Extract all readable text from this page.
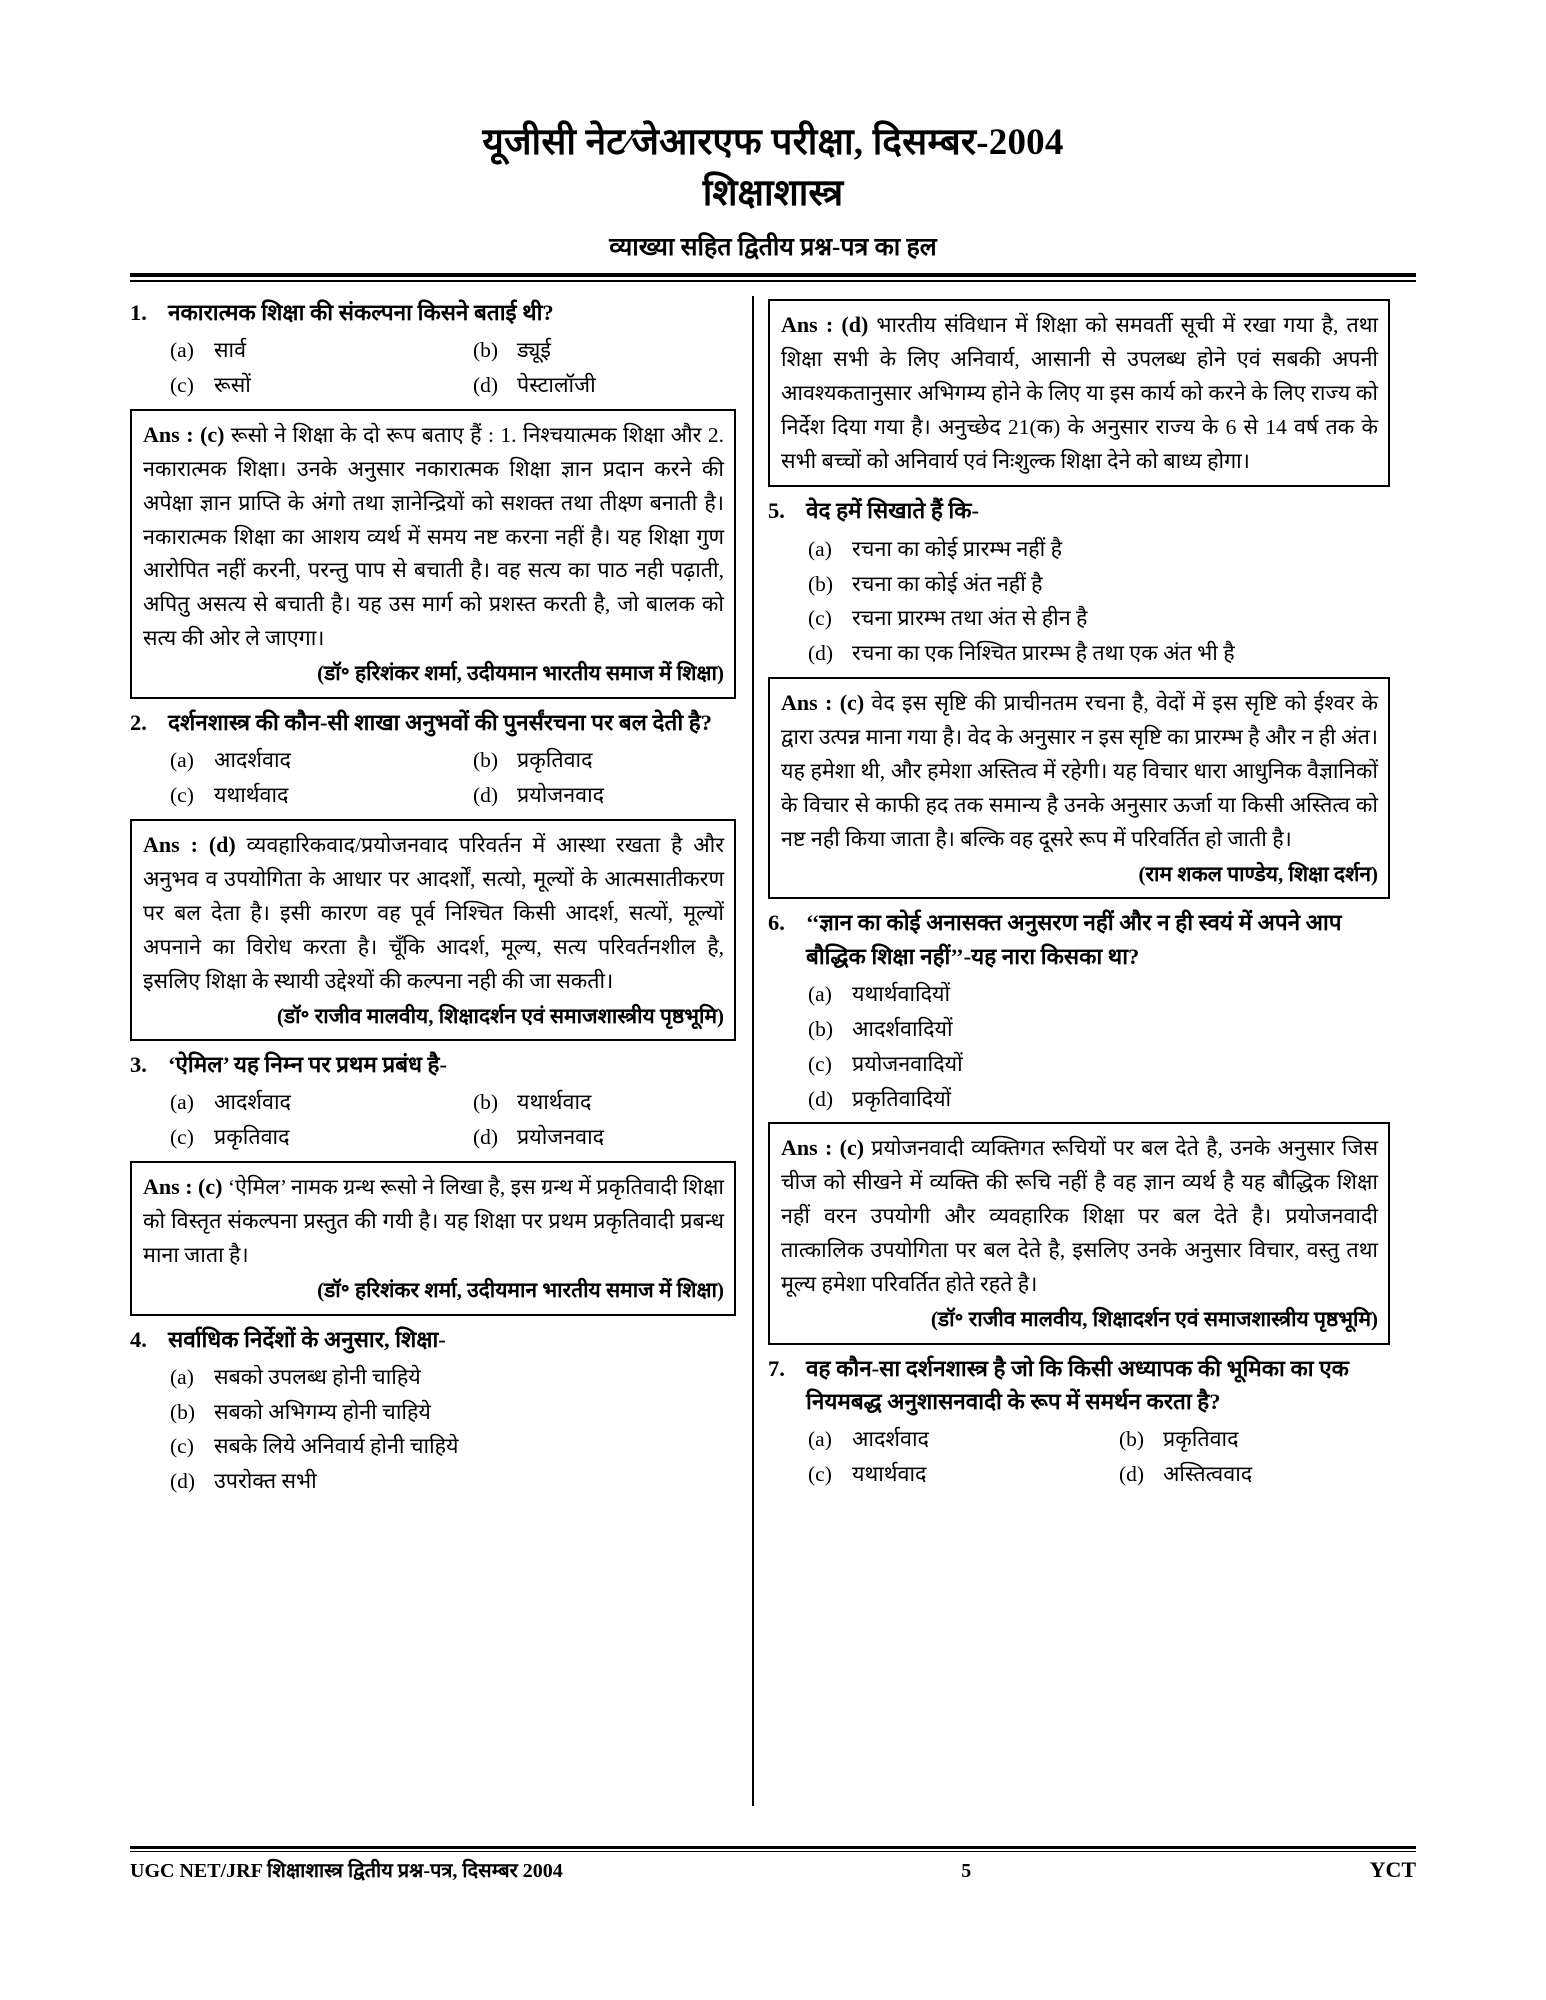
यूजीसी नेट∕जेआरएफ परीक्षा, दिसम्बर-2004
शिक्षाशास्त्र
व्याख्या सहित द्वितीय प्रश्न-पत्र का हल
1. नकारात्मक शिक्षा की संकल्पना किसने बताई थी?
(a) सार्व	(b) ड्यूई
(c) रूसों	(d) पेस्टालॉजी

Ans : (c) रूसो ने शिक्षा के दो रूप बताए हैं : 1. निश्चयात्मक शिक्षा और 2. नकारात्मक शिक्षा। उनके अनुसार नकारात्मक शिक्षा ज्ञान प्रदान करने की अपेक्षा ज्ञान प्राप्ति के अंगो तथा ज्ञानेन्द्रियों को सशक्त तथा तीक्ष्ण बनाती है। नकारात्मक शिक्षा का आशय व्यर्थ में समय नष्ट करना नहीं है। यह शिक्षा गुण आरोपित नहीं करनी, परन्तु पाप से बचाती है। वह सत्य का पाठ नही पढ़ाती, अपितु असत्य से बचाती है। यह उस मार्ग को प्रशस्त करती है, जो बालक को सत्य की ओर ले जाएगा।

(डॉ॰ हरिशंकर शर्मा, उदीयमान भारतीय समाज में शिक्षा)
2. दर्शनशास्त्र की कौन-सी शाखा अनुभवों की पुनर्संरचना पर बल देती है?
(a) आदर्शवाद	(b) प्रकृतिवाद
(c) यथार्थवाद	(d) प्रयोजनवाद

Ans : (d) व्यवहारिकवाद/प्रयोजनवाद परिवर्तन में आस्था रखता है और अनुभव व उपयोगिता के आधार पर आदर्शों, सत्यो, मूल्यों के आत्मसातीकरण पर बल देता है। इसी कारण वह पूर्व निश्चित किसी आदर्श, सत्यों, मूल्यों अपनाने का विरोध करता है। चूँकि आदर्श, मूल्य, सत्य परिवर्तनशील है, इसलिए शिक्षा के स्थायी उद्देश्यों की कल्पना नही की जा सकती।

(डॉ॰ राजीव मालवीय, शिक्षादर्शन एवं समाजशास्त्रीय पृष्ठभूमि)
3. ‘ऐमिल’ यह निम्न पर प्रथम प्रबंध है-
(a) आदर्शवाद	(b) यथार्थवाद
(c) प्रकृतिवाद	(d) प्रयोजनवाद

Ans : (c) ‘ऐमिल’ नामक ग्रन्थ रूसो ने लिखा है, इस ग्रन्थ में प्रकृतिवादी शिक्षा को विस्तृत संकल्पना प्रस्तुत की गयी है। यह शिक्षा पर प्रथम प्रकृतिवादी प्रबन्ध माना जाता है।

(डॉ॰ हरिशंकर शर्मा, उदीयमान भारतीय समाज में शिक्षा)
4. सर्वाधिक निर्देशों के अनुसार, शिक्षा-
(a) सबको उपलब्ध होनी चाहिये
(b) सबको अभिगम्य होनी चाहिये
(c) सबके लिये अनिवार्य होनी चाहिये
(d) उपरोक्त सभी

Ans : (d) भारतीय संविधान में शिक्षा को समवर्ती सूची में रखा गया है, तथा शिक्षा सभी के लिए अनिवार्य, आसानी से उपलब्ध होने एवं सबकी अपनी आवश्यकतानुसार अभिगम्य होने के लिए या इस कार्य को करने के लिए राज्य को निर्देश दिया गया है। अनुच्छेद 21(क) के अनुसार राज्य के 6 से 14 वर्ष तक के सभी बच्चों को अनिवार्य एवं निःशुल्क शिक्षा देने को बाध्य होगा।

5. वेद हमें सिखाते हैं कि-
(a) रचना का कोई प्रारम्भ नहीं है
(b) रचना का कोई अंत नहीं है
(c) रचना प्रारम्भ तथा अंत से हीन है
(d) रचना का एक निश्चित प्रारम्भ है तथा एक अंत भी है

Ans : (c) वेद इस सृष्टि की प्राचीनतम रचना है, वेदों में इस सृष्टि को ईश्वर के द्वारा उत्पन्न माना गया है। वेद के अनुसार न इस सृष्टि का प्रारम्भ है और न ही अंत। यह हमेशा थी, और हमेशा अस्तित्व में रहेगी। यह विचार धारा आधुनिक वैज्ञानिकों के विचार से काफी हद तक समान्य है उनके अनुसार ऊर्जा या किसी अस्तित्व को नष्ट नही किया जाता है। बल्कि वह दूसरे रूप में परिवर्तित हो जाती है।

(राम शकल पाण्डेय, शिक्षा दर्शन)
6. ‘‘ज्ञान का कोई अनासक्त अनुसरण नहीं और न ही स्वयं में अपने आप बौद्धिक शिक्षा नहीं’’-यह नारा किसका था?
(a) यथार्थवादियों
(b) आदर्शवादियों
(c) प्रयोजनवादियों
(d) प्रकृतिवादियों

Ans : (c) प्रयोजनवादी व्यक्तिगत रूचियों पर बल देते है, उनके अनुसार जिस चीज को सीखने में व्यक्ति की रूचि नहीं है वह ज्ञान व्यर्थ है यह बौद्धिक शिक्षा नहीं वरन उपयोगी और व्यवहारिक शिक्षा पर बल देते है। प्रयोजनवादी तात्कालिक उपयोगिता पर बल देते है, इसलिए उनके अनुसार विचार, वस्तु तथा मूल्य हमेशा परिवर्तित होते रहते है।

(डॉ॰ राजीव मालवीय, शिक्षादर्शन एवं समाजशास्त्रीय पृष्ठभूमि)
7. वह कौन-सा दर्शनशास्त्र है जो कि किसी अध्यापक की भूमिका का एक नियमबद्ध अनुशासनवादी के रूप में समर्थन करता है?
(a) आदर्शवाद	(b) प्रकृतिवाद
(c) यथार्थवाद	(d) अस्तित्ववाद
UGC NET/JRF शिक्षाशास्त्र द्वितीय प्रश्न-पत्र, दिसम्बर 2004	5	YCT
